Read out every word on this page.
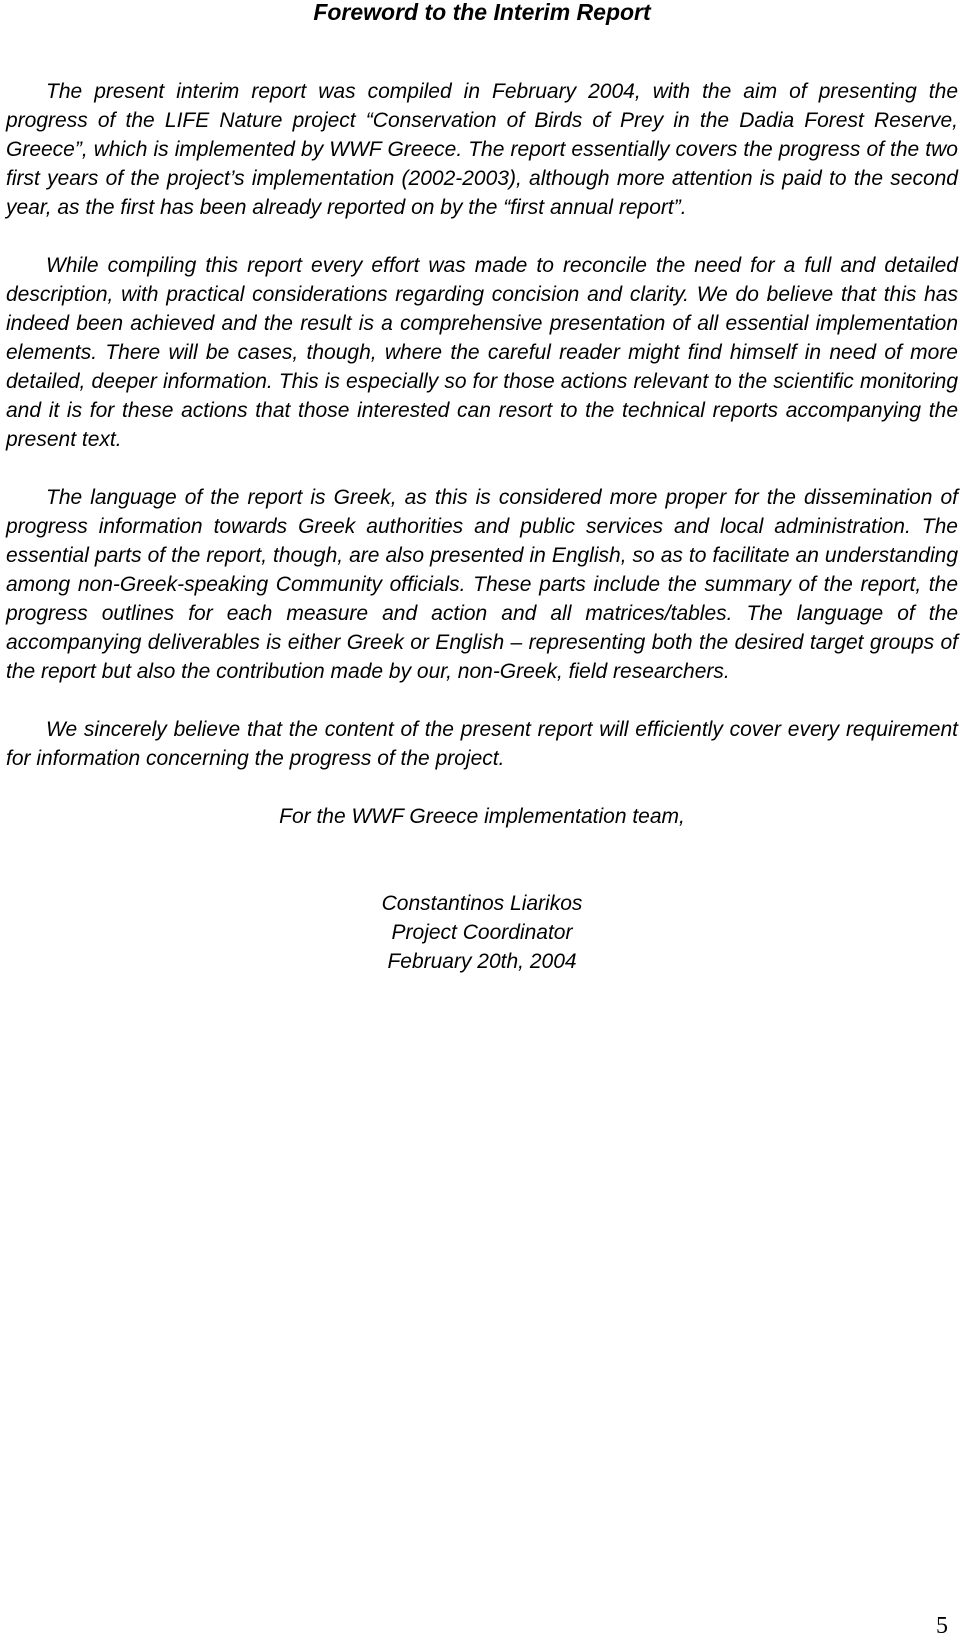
Foreword to the Interim Report

The present interim report was compiled in February 2004, with the aim of presenting the progress of the LIFE Nature project “Conservation of Birds of Prey in the Dadia Forest Reserve, Greece”, which is implemented by WWF Greece. The report essentially covers the progress of the two first years of the project’s implementation (2002-2003), although more attention is paid to the second year, as the first has been already reported on by the “first annual report”.

While compiling this report every effort was made to reconcile the need for a full and detailed description, with practical considerations regarding concision and clarity. We do believe that this has indeed been achieved and the result is a comprehensive presentation of all essential implementation elements. There will be cases, though, where the careful reader might find himself in need of more detailed, deeper information. This is especially so for those actions relevant to the scientific monitoring and it is for these actions that those interested can resort to the technical reports accompanying the present text.

The language of the report is Greek, as this is considered more proper for the dissemination of progress information towards Greek authorities and public services and local administration. The essential parts of the report, though, are also presented in English, so as to facilitate an understanding among non-Greek-speaking Community officials. These parts include the summary of the report, the progress outlines for each measure and action and all matrices/tables. The language of the accompanying deliverables is either Greek or English – representing both the desired target groups of the report but also the contribution made by our, non-Greek, field researchers.

We sincerely believe that the content of the present report will efficiently cover every requirement for information concerning the progress of the project.

For the WWF Greece implementation team,

Constantinos Liarikos

Project Coordinator

February 20th, 2004

5
